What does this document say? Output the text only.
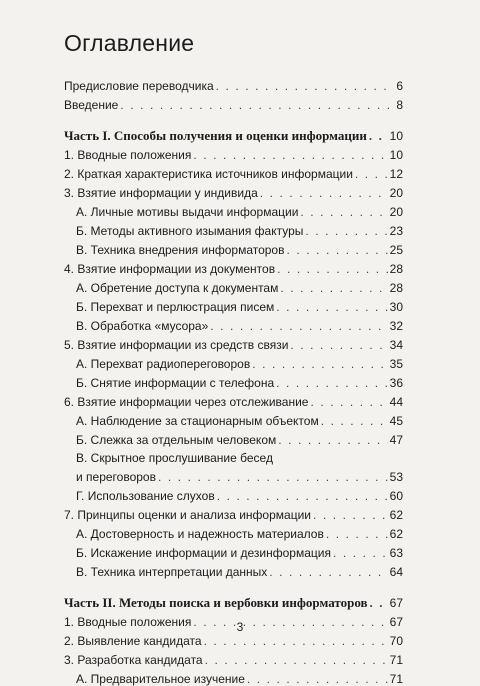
Оглавление
Предисловие переводчика . . .	6
Введение . . .	8
Часть I. Способы получения и оценки информации . . . 10
1. Вводные положения . . .	10
2. Краткая характеристика источников информации . . .	12
3. Взятие информации у индивида . . .	20
А. Личные мотивы выдачи информации . . .	20
Б. Методы активного изымания фактуры . . .	23
В. Техника внедрения информаторов . . .	25
4. Взятие информации из документов . . .	28
А. Обретение доступа к документам . . .	28
Б. Перехват и перлюстрация писем . . .	30
В. Обработка «мусора» . . .	32
5. Взятие информации из средств связи . . .	34
А. Перехват радиопереговоров . . .	35
Б. Снятие информации с телефона . . .	36
6. Взятие информации через отслеживание . . .	44
А. Наблюдение за стационарным объектом . . .	45
Б. Слежка за отдельным человеком . . .	47
В. Скрытное прослушивание бесед
и переговоров . . .	53
Г. Использование слухов . . .	60
7. Принципы оценки и анализа информации . . .	62
А. Достоверность и надежность материалов . . .	62
Б. Искажение информации и дезинформация . . .	63
В. Техника интерпретации данных . . .	64
Часть II. Методы поиска и вербовки информаторов . . . 67
1. Вводные положения . . .	67
2. Выявление кандидата . . .	70
3. Разработка кандидата . . .	71
А. Предварительное изучение . . .	71
3
